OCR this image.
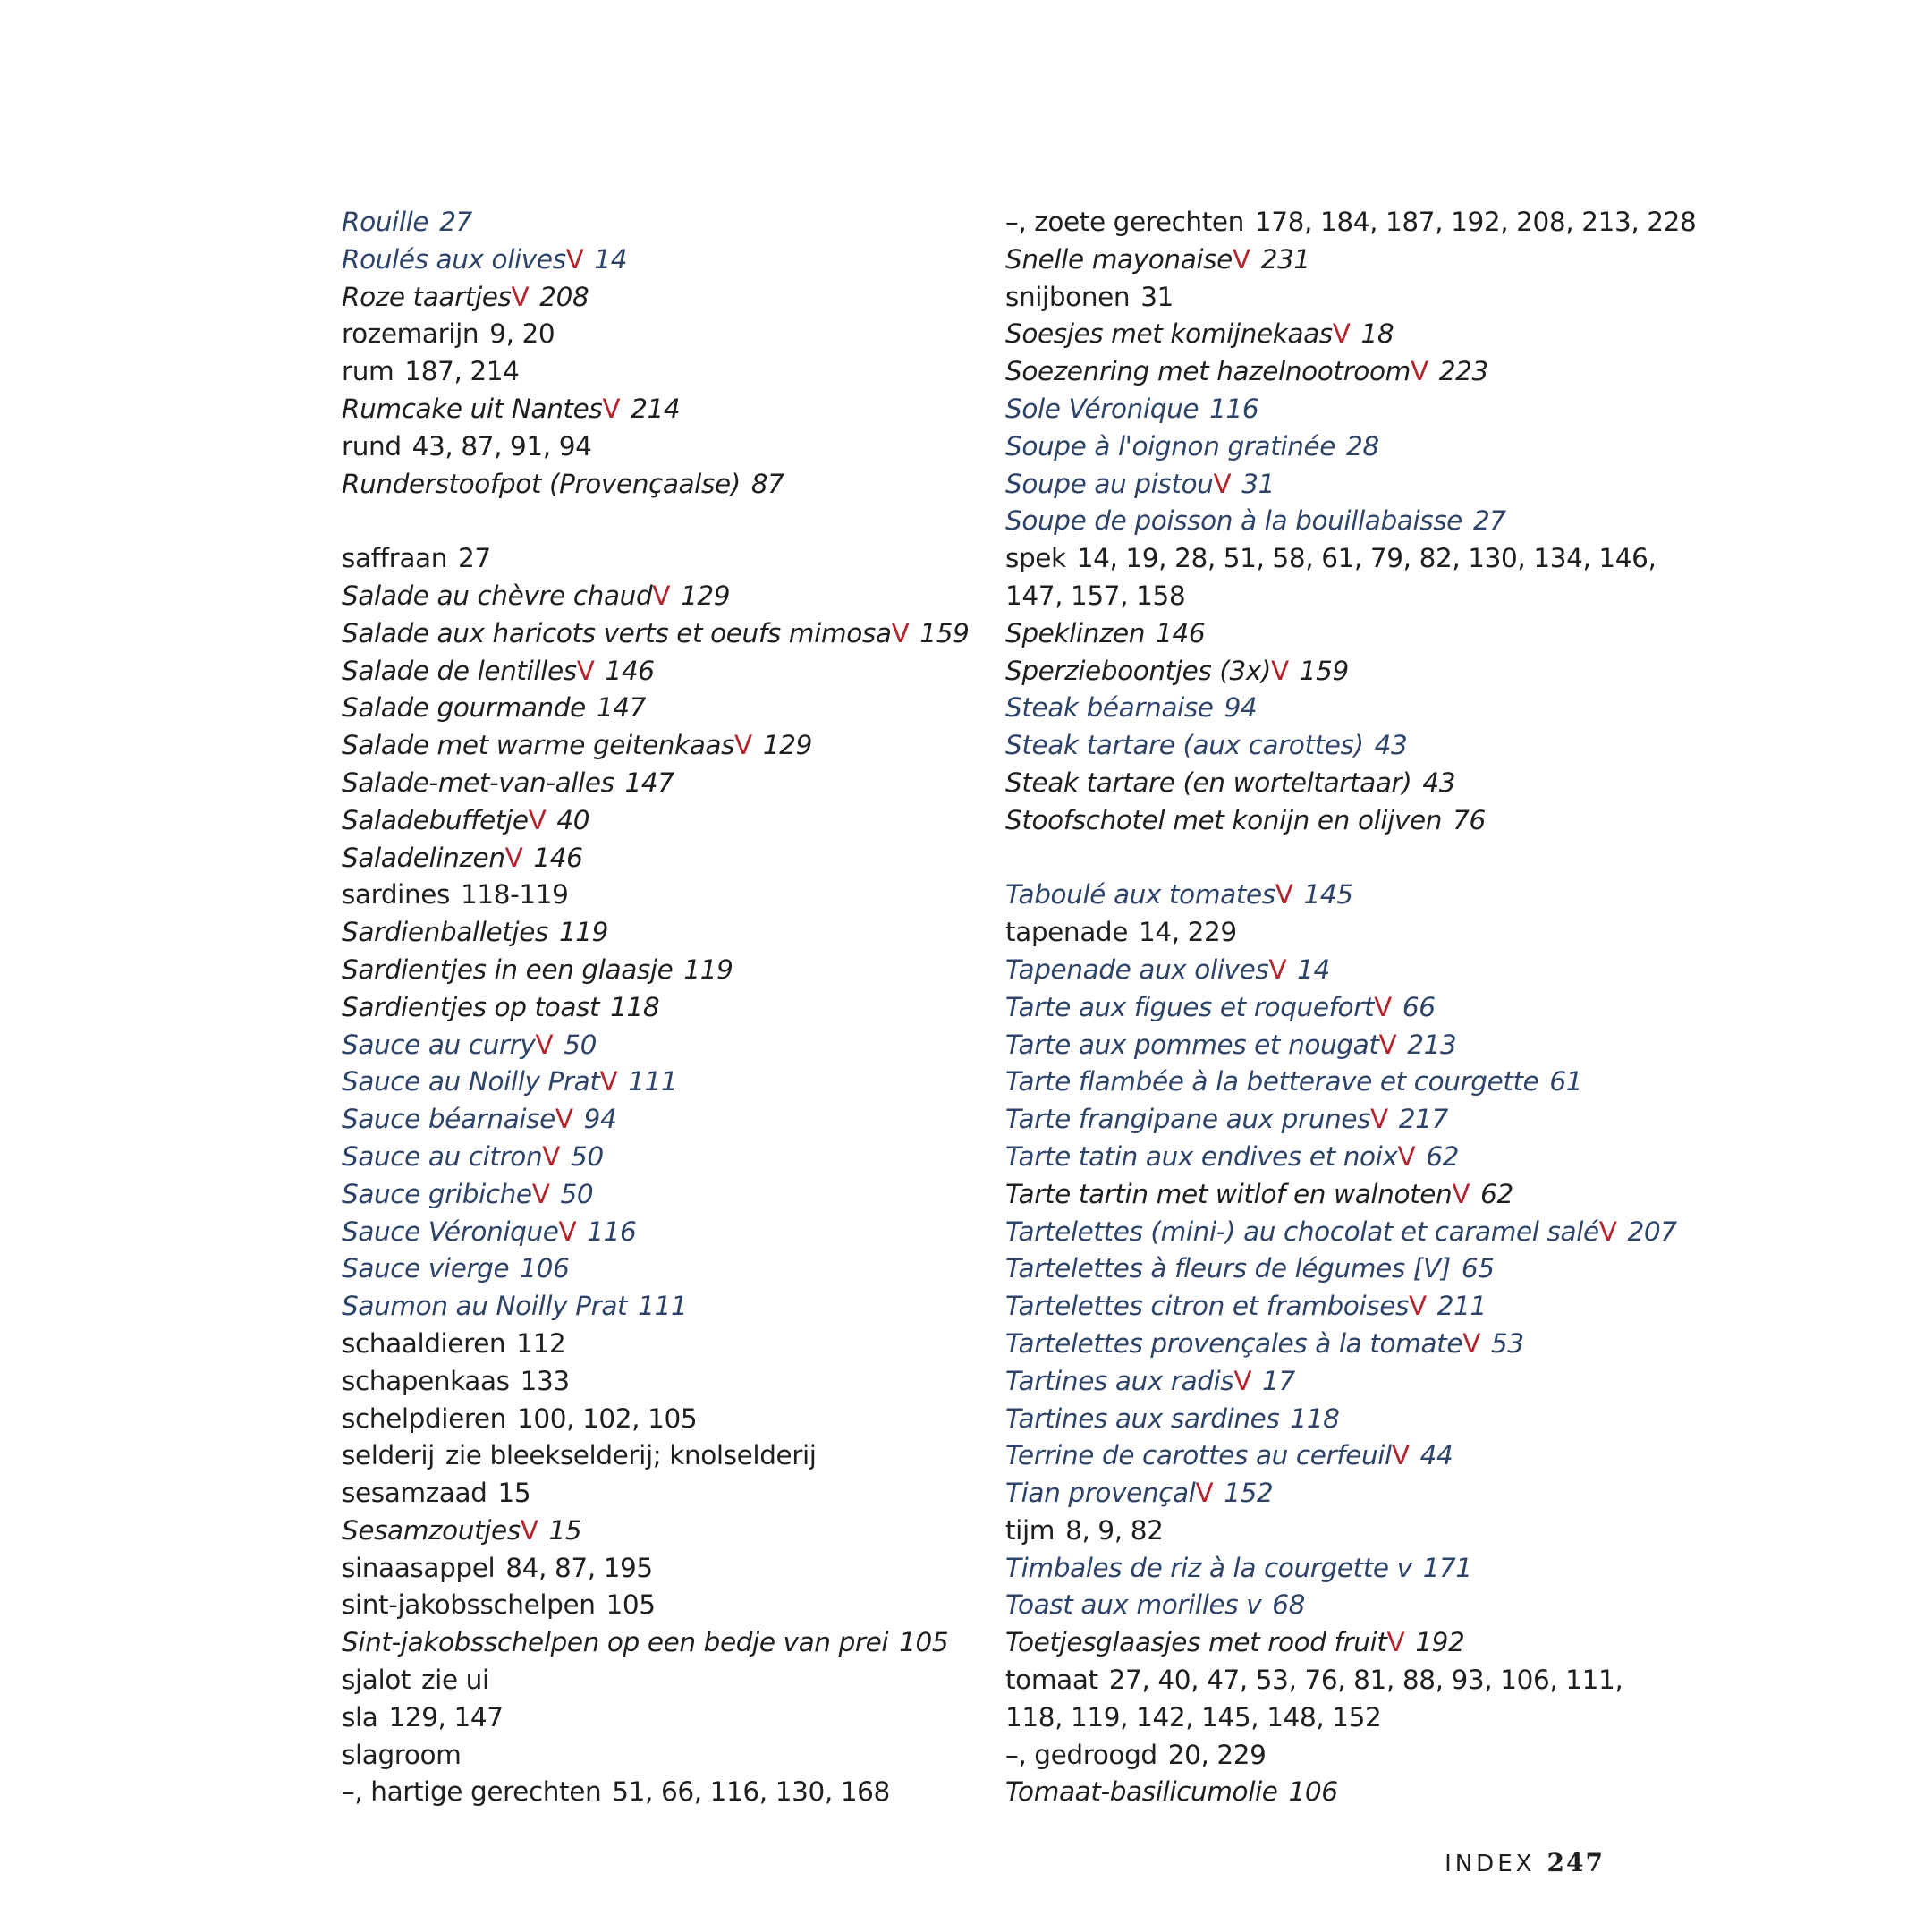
Rouille 27
Roulés aux olivesV 14
Roze taartjesV 208
rozemarijn 9, 20
rum 187, 214
Rumcake uit NantesV 214
rund 43, 87, 91, 94
Runderstoofpot (Provençaalse) 87
saffraan 27
Salade au chèvre chaudV 129
Salade aux haricots verts et oeufs mimosaV 159
Salade de lentillesV 146
Salade gourmande 147
Salade met warme geitenkaasV 129
Salade-met-van-alles 147
SaladebuffetjeV 40
SaladelinzenV 146
sardines 118-119
Sardienballetjes 119
Sardientjes in een glaasje 119
Sardientjes op toast 118
Sauce au curryV 50
Sauce au Noilly PratV 111
Sauce béarnaiseV 94
Sauce au citronV 50
Sauce gribicheV 50
Sauce VéroniqueV 116
Sauce vierge 106
Saumon au Noilly Prat 111
schaaldieren 112
schapenkaas 133
schelpdieren 100, 102, 105
selderij zie bleekselderij; knolselderij
sesamzaad 15
SesamzoutjesV 15
sinaasappel 84, 87, 195
sint-jakobsschelpen 105
Sint-jakobsschelpen op een bedje van prei 105
sjalot zie ui
sla 129, 147
slagroom
–, hartige gerechten 51, 66, 116, 130, 168
–, zoete gerechten 178, 184, 187, 192, 208, 213, 228
Snelle mayonaiseV 231
snijbonen 31
Soesjes met komijnekaasV 18
Soezenring met hazelnootroomV 223
Sole Véronique 116
Soupe à l'oignon gratinée 28
Soupe au pistouV 31
Soupe de poisson à la bouillabaisse 27
spek 14, 19, 28, 51, 58, 61, 79, 82, 130, 134, 146, 147, 157, 158
Speklinzen 146
Sperzieboontjes (3x)V 159
Steak béarnaise 94
Steak tartare (aux carottes) 43
Steak tartare (en worteltartaar) 43
Stoofschotel met konijn en olijven 76
Taboulé aux tomatesV 145
tapenade 14, 229
Tapenade aux olivesV 14
Tarte aux figues et roquefortV 66
Tarte aux pommes et nougatV 213
Tarte flambée à la betterave et courgette 61
Tarte frangipane aux prunesV 217
Tarte tatin aux endives et noixV 62
Tarte tartin met witlof en walnotenV 62
Tartelettes (mini-) au chocolat et caramel saléV 207
Tartelettes à fleurs de légumes [V] 65
Tartelettes citron et framboisesV 211
Tartelettes provençales à la tomateV 53
Tartines aux radisV 17
Tartines aux sardines 118
Terrine de carottes au cerfeuilV 44
Tian provençalV 152
tijm 8, 9, 82
Timbales de riz à la courgette v 171
Toast aux morilles v 68
Toetjesglaasjes met rood fruitV 192
tomaat 27, 40, 47, 53, 76, 81, 88, 93, 106, 111, 118, 119, 142, 145, 148, 152
–, gedroogd 20, 229
Tomaat-basilicumolie 106
INDEX 247
